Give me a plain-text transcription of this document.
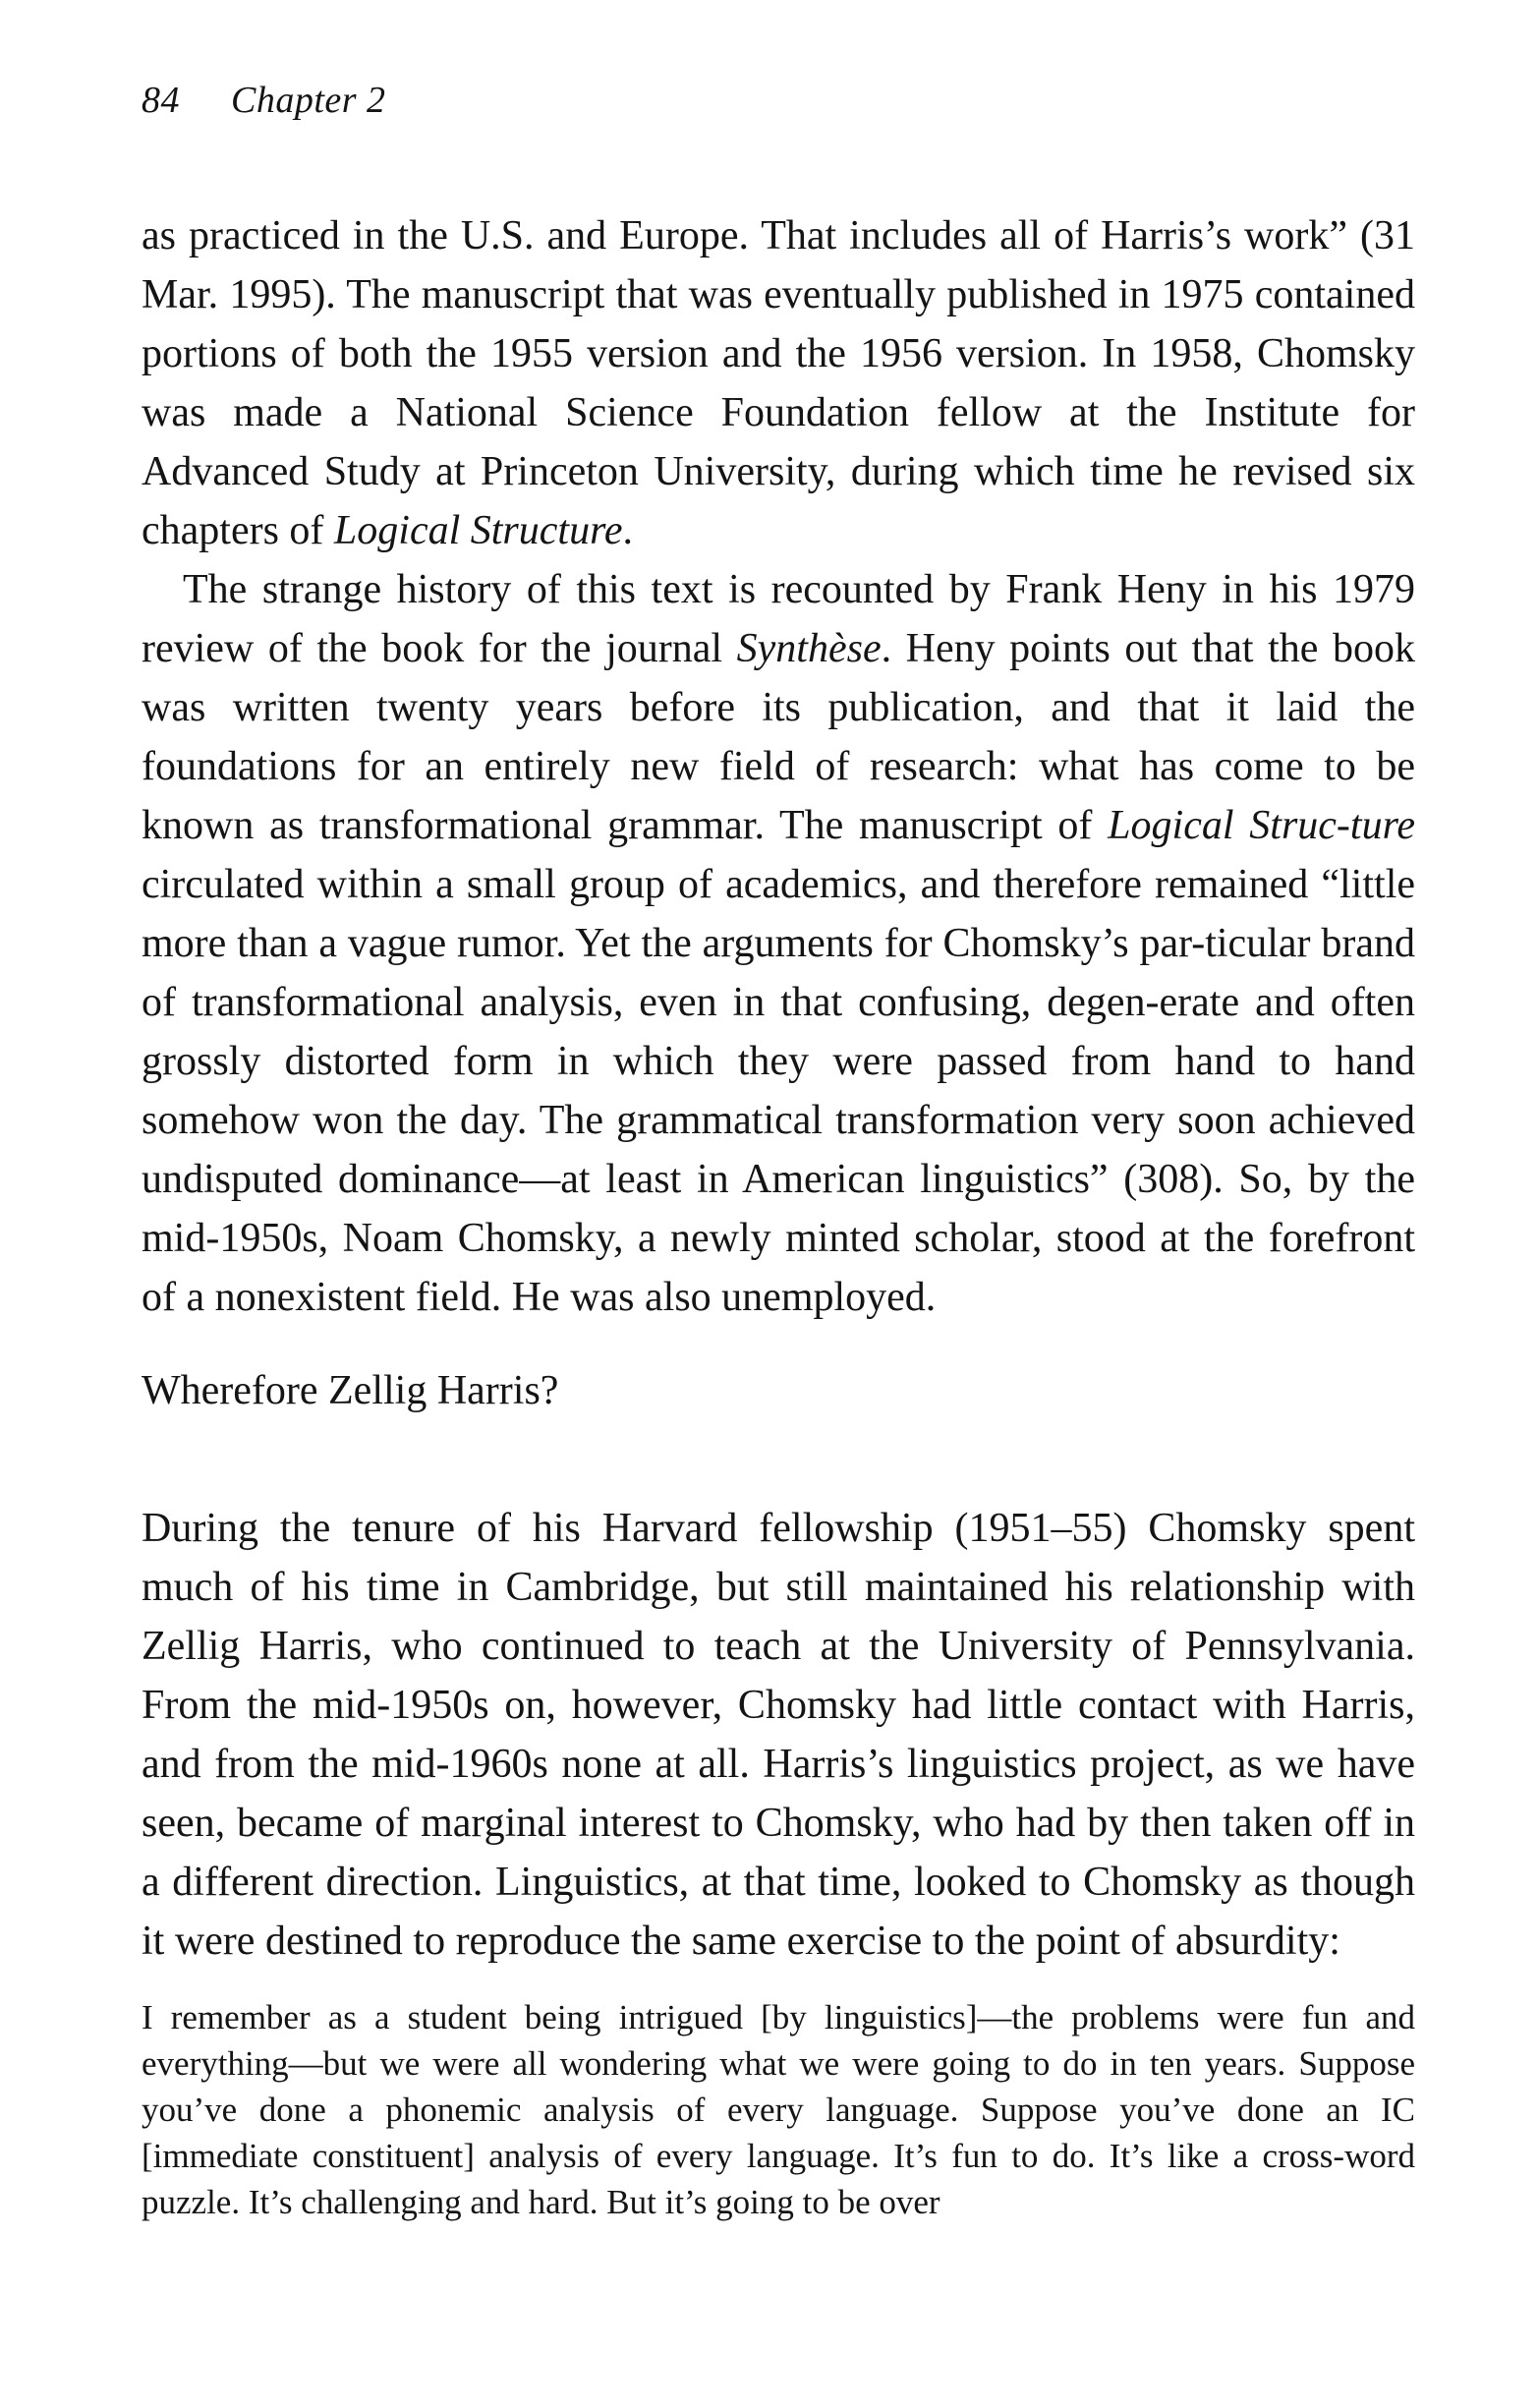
84 Chapter 2

as practiced in the U.S. and Europe. That includes all of Harris’s work” (31 Mar. 1995). The manuscript that was eventually published in 1975 contained portions of both the 1955 version and the 1956 version. In 1958, Chomsky was made a National Science Foundation fellow at the Institute for Advanced Study at Princeton University, during which time he revised six chapters of Logical Structure.

The strange history of this text is recounted by Frank Heny in his 1979 review of the book for the journal Synthèse. Heny points out that the book was written twenty years before its publication, and that it laid the foundations for an entirely new field of research: what has come to be known as transformational grammar. The manuscript of Logical Struc-ture circulated within a small group of academics, and therefore remained “little more than a vague rumor. Yet the arguments for Chomsky’s par-ticular brand of transformational analysis, even in that confusing, degen-erate and often grossly distorted form in which they were passed from hand to hand somehow won the day. The grammatical transformation very soon achieved undisputed dominance—at least in American linguistics” (308). So, by the mid-1950s, Noam Chomsky, a newly minted scholar, stood at the forefront of a nonexistent field. He was also unemployed.

Wherefore Zellig Harris?

During the tenure of his Harvard fellowship (1951–55) Chomsky spent much of his time in Cambridge, but still maintained his relationship with Zellig Harris, who continued to teach at the University of Pennsylvania. From the mid-1950s on, however, Chomsky had little contact with Harris, and from the mid-1960s none at all. Harris’s linguistics project, as we have seen, became of marginal interest to Chomsky, who had by then taken off in a different direction. Linguistics, at that time, looked to Chomsky as though it were destined to reproduce the same exercise to the point of absurdity:

I remember as a student being intrigued [by linguistics]—the problems were fun and everything—but we were all wondering what we were going to do in ten years. Suppose you’ve done a phonemic analysis of every language. Suppose you’ve done an IC [immediate constituent] analysis of every language. It’s fun to do. It’s like a cross-word puzzle. It’s challenging and hard. But it’s going to be over
